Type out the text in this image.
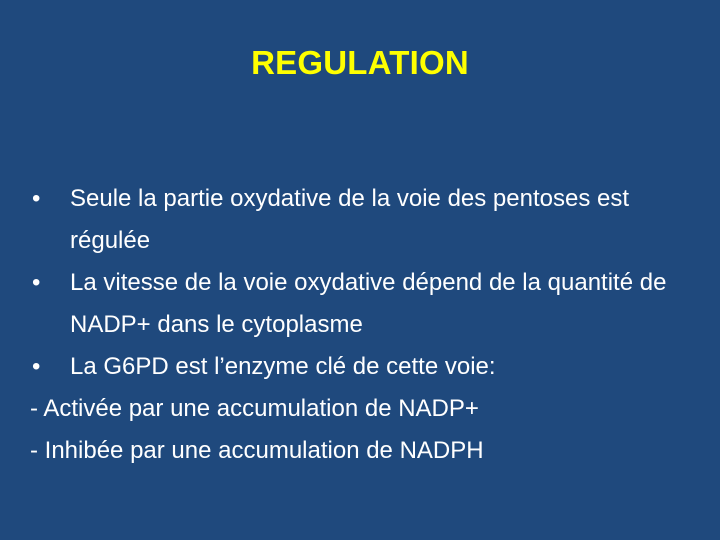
REGULATION
• Seule la partie oxydative de la voie des pentoses est régulée
• La vitesse de la voie oxydative dépend de la quantité de NADP+ dans le cytoplasme
• La G6PD est l’enzyme clé de cette voie:
- Activée par une accumulation de NADP+
- Inhibée par une accumulation de NADPH
